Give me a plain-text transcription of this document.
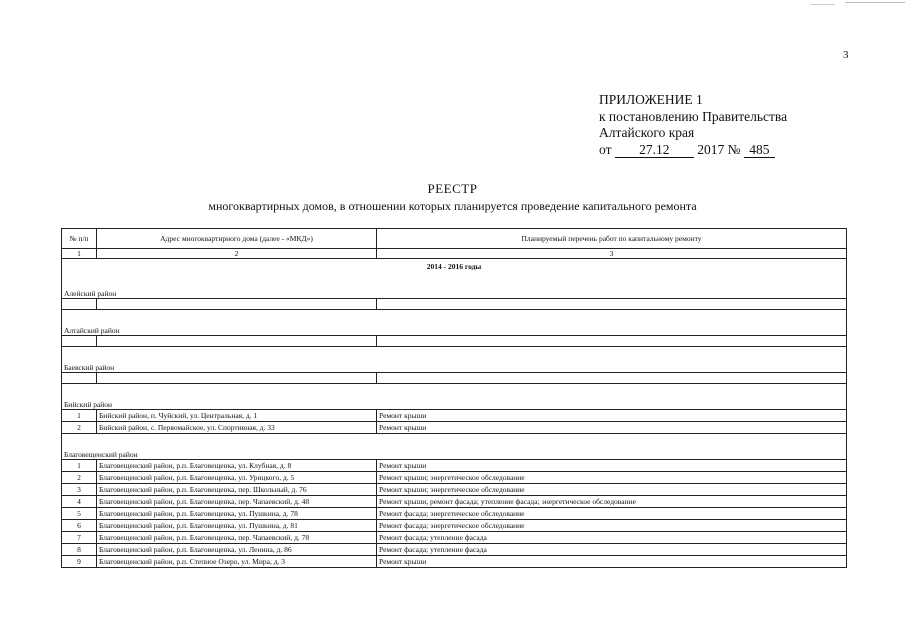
3
ПРИЛОЖЕНИЕ 1
к постановлению Правительства
Алтайского края
от 27.12 2017 № 485
РЕЕСТР
многоквартирных домов, в отношении которых планируется проведение капитального ремонта
№ п/п	Адрес многоквартирного дома (далее - «МКД»)	Планируемый перечень работ по капитальному ремонту
1	2	3
2014 - 2016 годы		

Алейский район		

Алтайский район		

Баевский район		

Бийский район		
1	Бийский район, п. Чуйский, ул. Центральная, д. 1	Ремонт крыши
2	Бийский район, с. Первомайское, ул. Спортивная, д. 33	Ремонт крыши

Благовещенский район		
1	Благовещенский район, р.п. Благовещенка, ул. Клубная, д. 8	Ремонт крыши
2	Благовещенский район, р.п. Благовещенка, ул. Урицкого, д. 5	Ремонт крыши; энергетическое обследование
3	Благовещенский район, р.п. Благовещенка, пер. Школьный, д. 76	Ремонт крыши; энергетическое обследование
4	Благовещенский район, р.п. Благовещенка, пер. Чапаевский, д. 48	Ремонт крыши, ремонт фасада; утепление фасада; энергетическое обследование
5	Благовещенский район, р.п. Благовещенка, ул. Пушкина, д. 78	Ремонт фасада; энергетическое обследование
6	Благовещенский район, р.п. Благовещенка, ул. Пушкина, д. 81	Ремонт фасада; энергетическое обследование
7	Благовещенский район, р.п. Благовещенка, пер. Чапаевский, д. 78	Ремонт фасада; утепление фасада
8	Благовещенский район, р.п. Благовещенка, ул. Ленина, д. 86	Ремонт фасада; утепление фасада
9	Благовещенский район, р.п. Степное Озеро, ул. Мира, д. 3	Ремонт крыши
